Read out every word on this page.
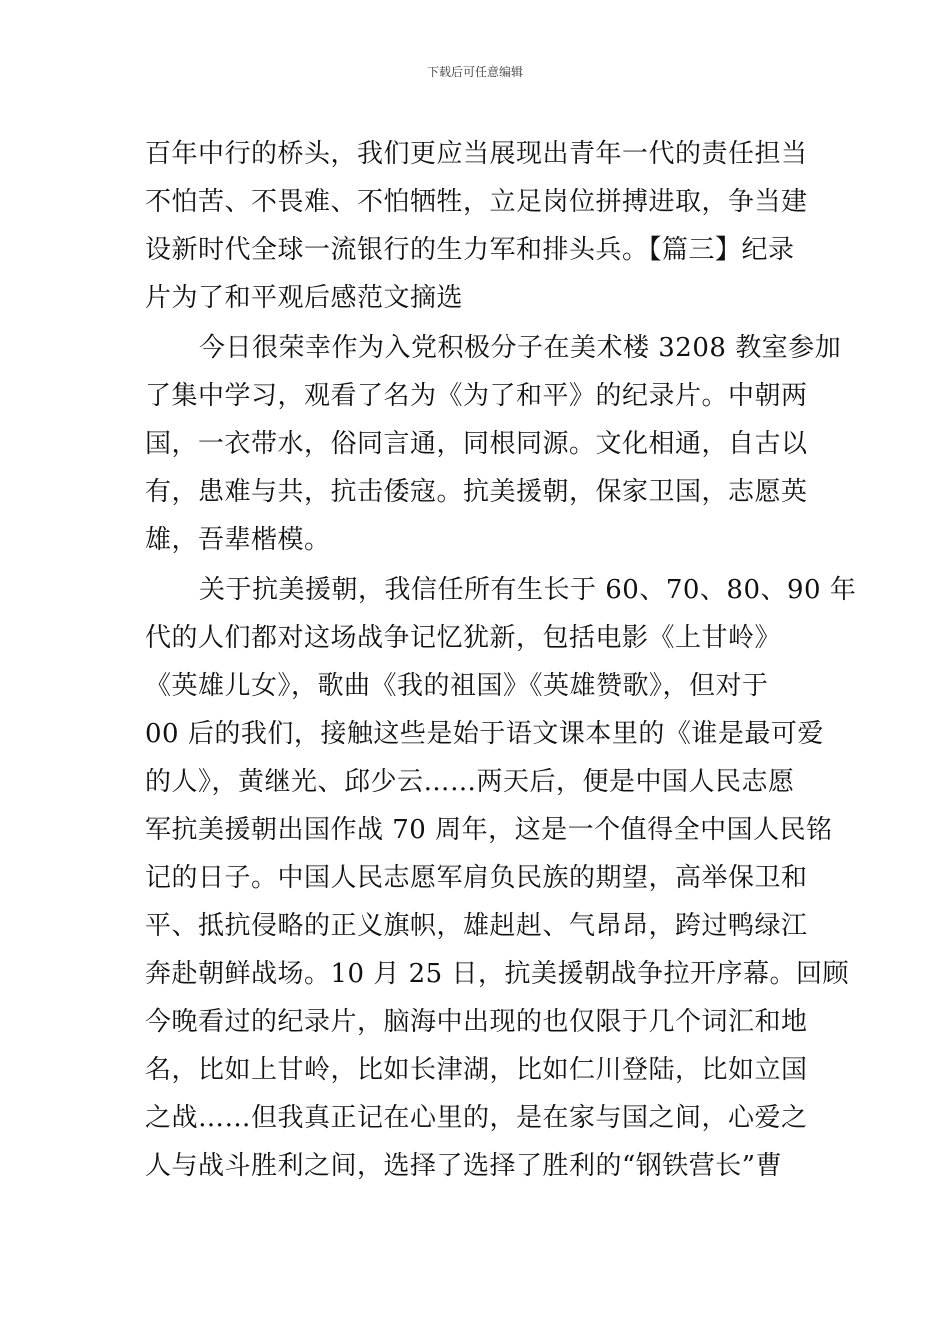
下载后可任意编辑
百年中行的桥头，我们更应当展现出青年一代的责任担当
不怕苦、不畏难、不怕牺牲，立足岗位拼搏进取，争当建
设新时代全球一流银行的生力军和排头兵。【篇三】纪录
片为了和平观后感范文摘选
今日很荣幸作为入党积极分子在美术楼 3208 教室参加
了集中学习，观看了名为《为了和平》的纪录片。中朝两
国，一衣带水，俗同言通，同根同源。文化相通，自古以
有，患难与共，抗击倭寇。抗美援朝，保家卫国，志愿英
雄，吾辈楷模。
关于抗美援朝，我信任所有生长于 60、70、80、90 年
代的人们都对这场战争记忆犹新，包括电影《上甘岭》
《英雄儿女》，歌曲《我的祖国》《英雄赞歌》，但对于
00 后的我们，接触这些是始于语文课本里的《谁是最可爱
的人》，黄继光、邱少云……两天后，便是中国人民志愿
军抗美援朝出国作战 70 周年，这是一个值得全中国人民铭
记的日子。中国人民志愿军肩负民族的期望，高举保卫和
平、抵抗侵略的正义旗帜，雄赳赳、气昂昂，跨过鸭绿江
奔赴朝鲜战场。10 月 25 日，抗美援朝战争拉开序幕。回顾
今晚看过的纪录片，脑海中出现的也仅限于几个词汇和地
名，比如上甘岭，比如长津湖，比如仁川登陆，比如立国
之战……但我真正记在心里的，是在家与国之间，心爱之
人与战斗胜利之间，选择了选择了胜利的“钢铁营长”曹
